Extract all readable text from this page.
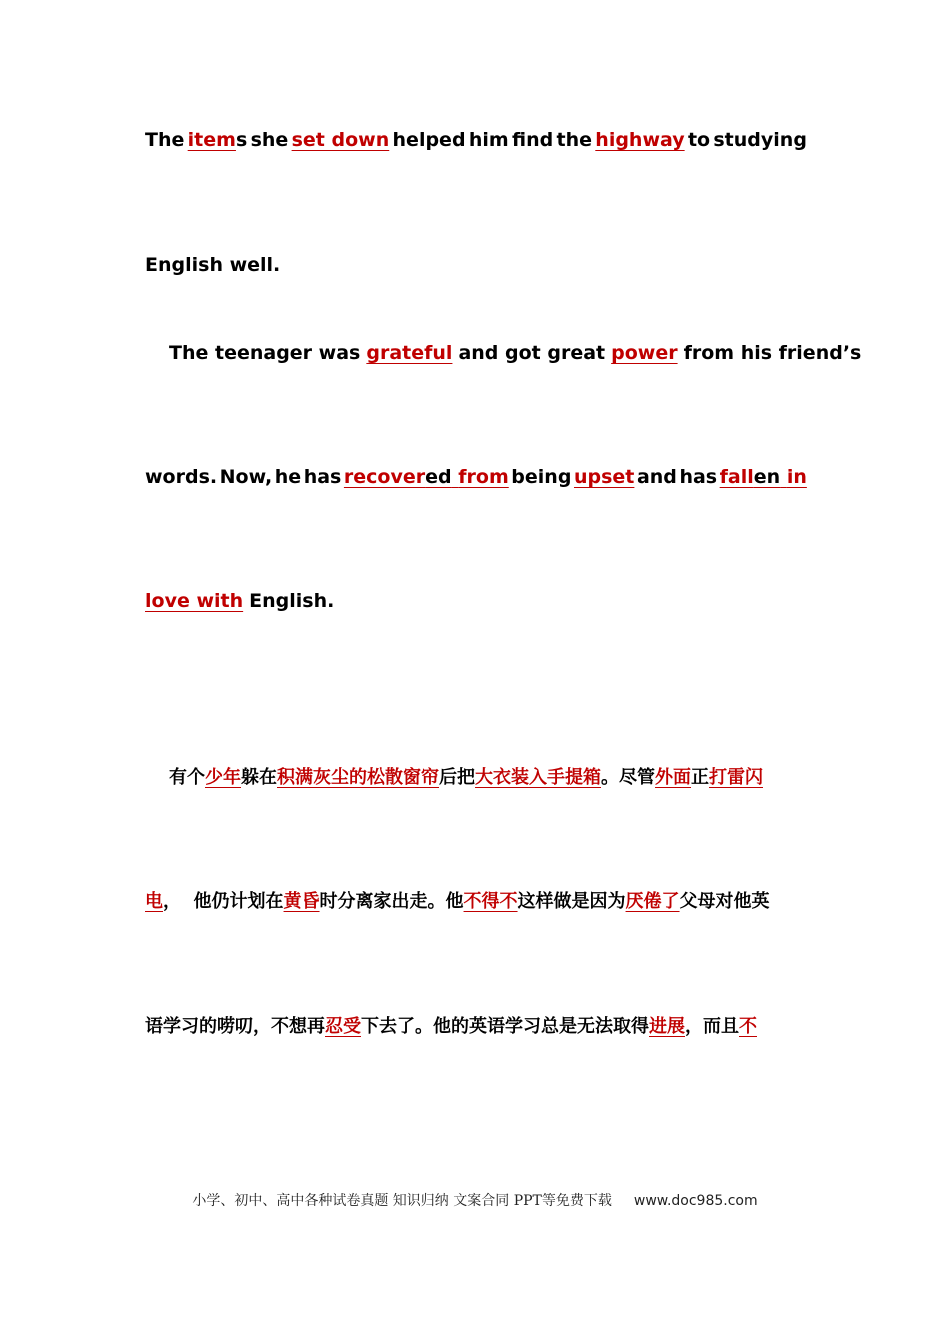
The items she set down helped him find the highway to studying
English well.
The teenager was grateful and got great power from his friend’s
words. Now, he has recovered from being upset and has fallen in
love with English.
有个 少年 躲在 积满灰尘的松散窗帘 后把 大衣装入手提箱 。尽管 外面 正 打雷闪
电 ，  他仍计划在 黄昏 时分离家出走。他 不得不 这样做是因为 厌倦了 父母对他英
语学习的唠叨，不想再 忍受 下去了。他的英语学习总是无法取得 进展 ，而且 不
小学、初中、高中各种试卷真题 知识归纳 文案合同 PPT等免费下载 www.doc985.com
